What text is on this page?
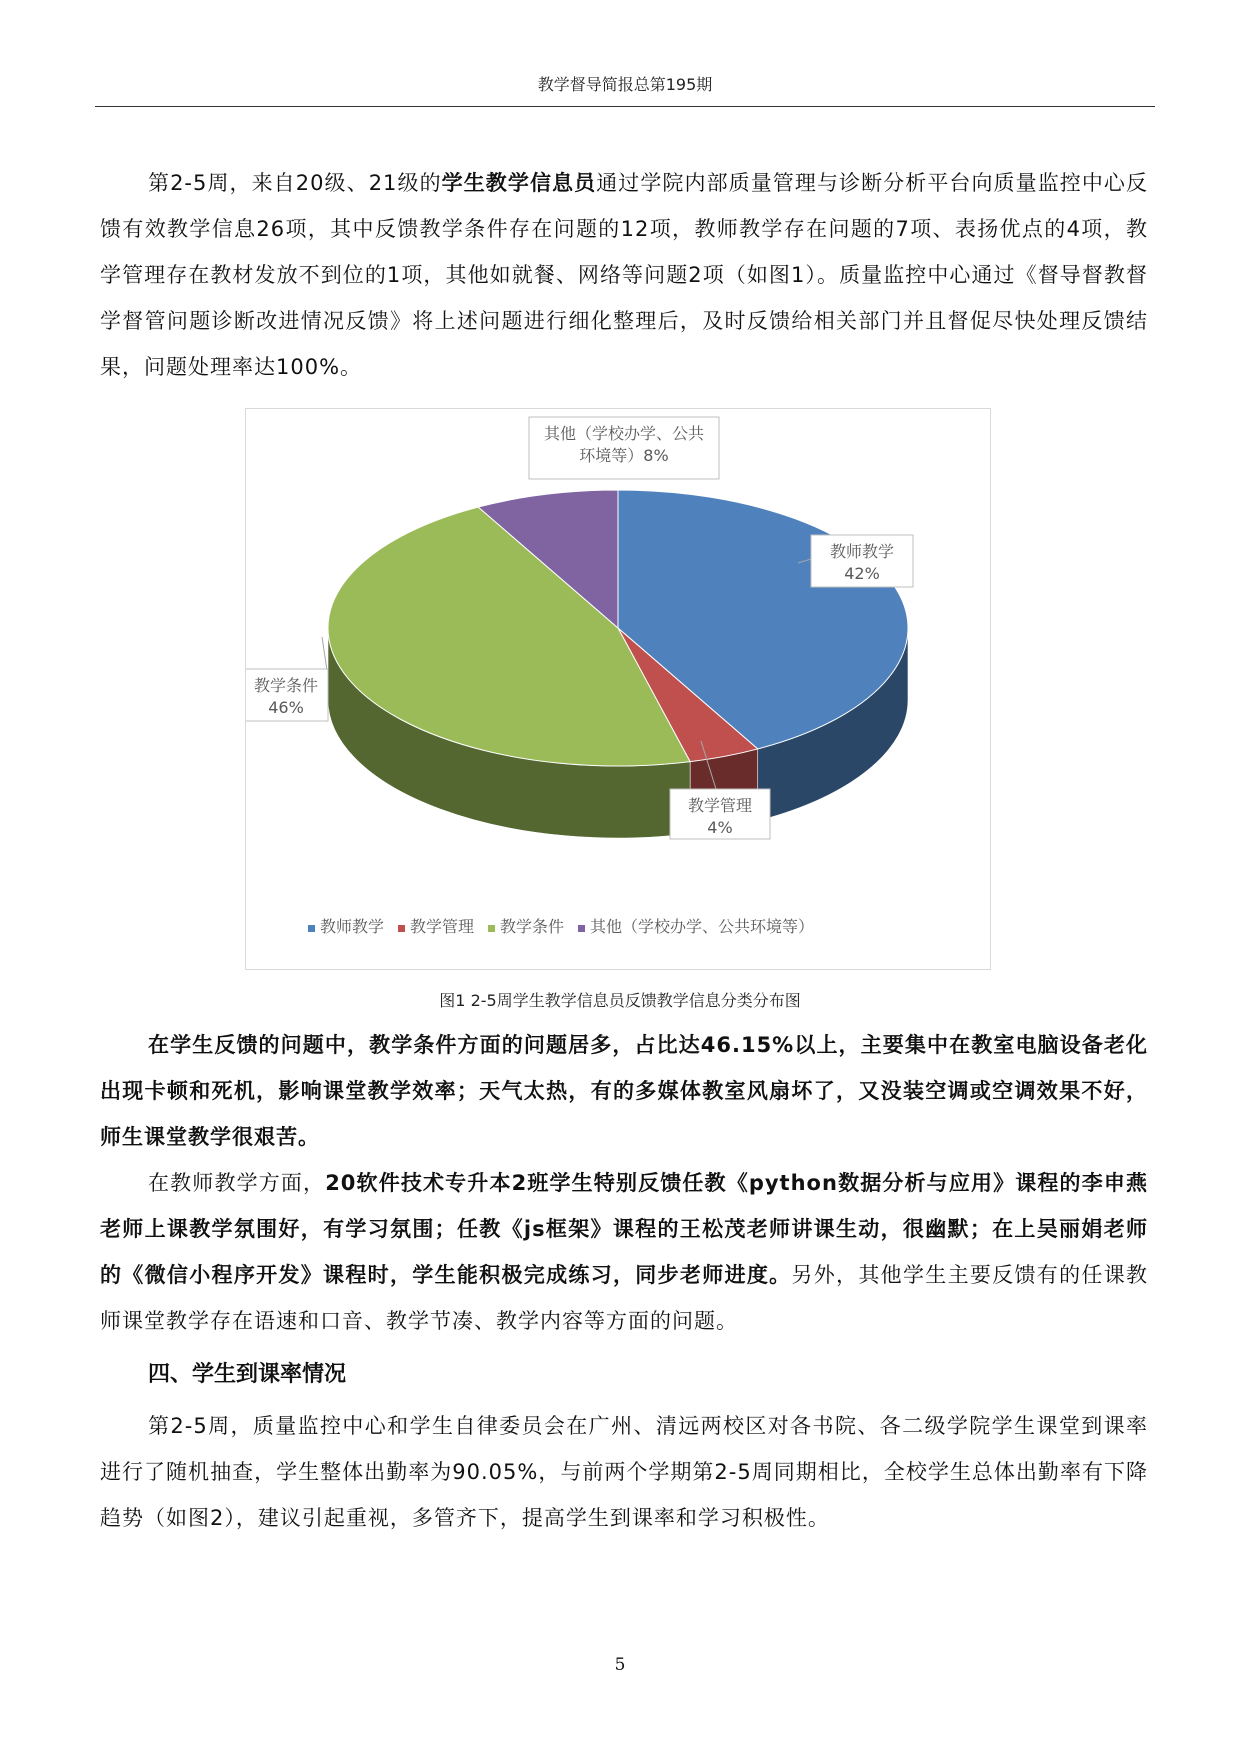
教学督导简报总第195期
第2-5周，来自20级、21级的学生教学信息员通过学院内部质量管理与诊断分析平台向质量监控中心反馈有效教学信息26项，其中反馈教学条件存在问题的12项，教师教学存在问题的7项、表扬优点的4项，教学管理存在教材发放不到位的1项，其他如就餐、网络等问题2项（如图1）。质量监控中心通过《督导督教督学督管问题诊断改进情况反馈》将上述问题进行细化整理后，及时反馈给相关部门并且督促尽快处理反馈结果，问题处理率达100%。
教师教学
42%
教学管理
4%
教学条件
46%
其他（学校办学、公共
环境等）8%
教师教学 教学管理 教学条件 其他（学校办学、公共环境等）
图1 2-5周学生教学信息员反馈教学信息分类分布图
在学生反馈的问题中，教学条件方面的问题居多，占比达46.15%以上，主要集中在教室电脑设备老化出现卡顿和死机，影响课堂教学效率；天气太热，有的多媒体教室风扇坏了，又没装空调或空调效果不好，师生课堂教学很艰苦。
在教师教学方面，20软件技术专升本2班学生特别反馈任教《python数据分析与应用》课程的李申燕老师上课教学氛围好，有学习氛围；任教《js框架》课程的王松茂老师讲课生动，很幽默；在上吴丽娟老师的《微信小程序开发》课程时，学生能积极完成练习，同步老师进度。另外，其他学生主要反馈有的任课教师课堂教学存在语速和口音、教学节凑、教学内容等方面的问题。
四、学生到课率情况
第2-5周，质量监控中心和学生自律委员会在广州、清远两校区对各书院、各二级学院学生课堂到课率进行了随机抽查，学生整体出勤率为90.05%，与前两个学期第2-5周同期相比，全校学生总体出勤率有下降趋势（如图2），建议引起重视，多管齐下，提高学生到课率和学习积极性。
5
